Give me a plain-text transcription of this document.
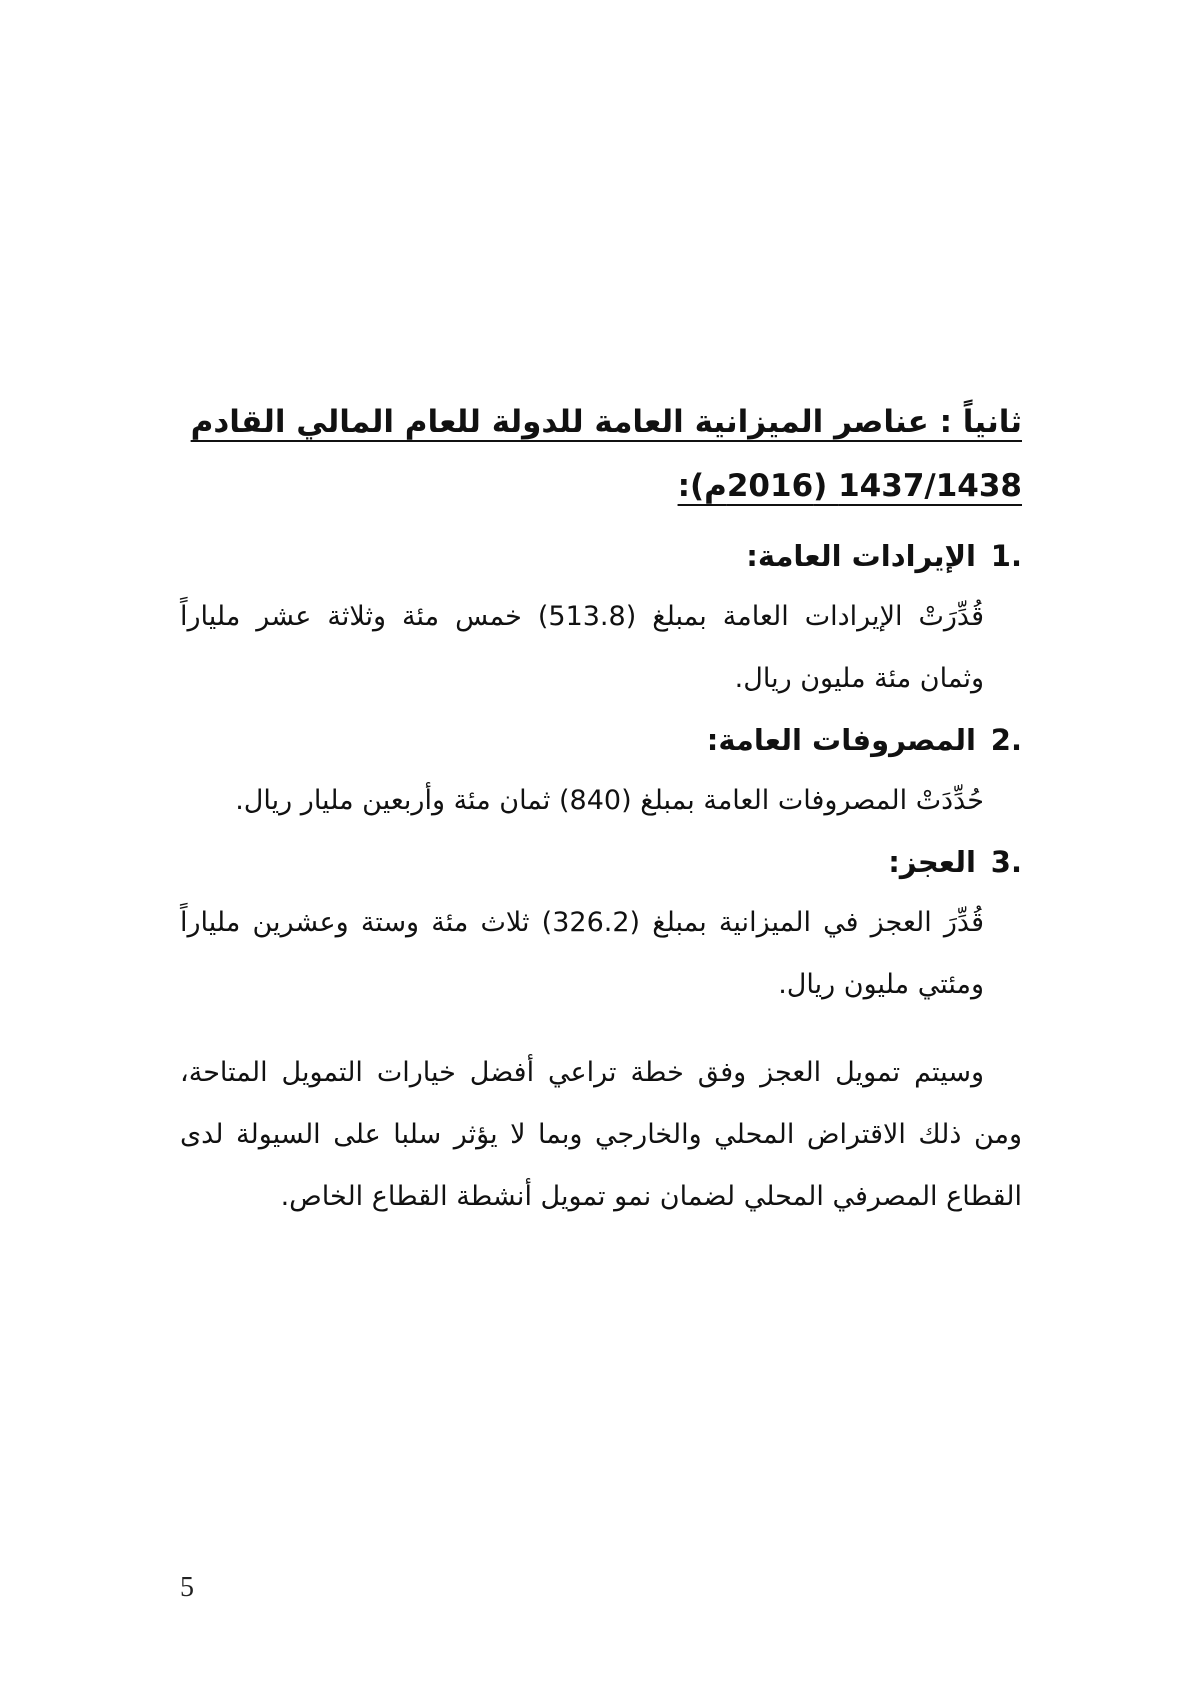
ثانياً : عناصر الميزانية العامة للدولة للعام المالي القادم 1437/1438 (2016م):

1.
الإيرادات العامة:

قُدِّرَتْ الإيرادات العامة بمبلغ (513.8) خمس مئة وثلاثة عشر ملياراً وثمان مئة مليون ريال.

2.
المصروفات العامة:

حُدِّدَتْ المصروفات العامة بمبلغ (840) ثمان مئة وأربعين مليار ريال.

3.
العجز:

قُدِّرَ العجز في الميزانية بمبلغ (326.2) ثلاث مئة وستة وعشرين ملياراً ومئتي مليون ريال.

وسيتم تمويل العجز وفق خطة تراعي أفضل خيارات التمويل المتاحة، ومن ذلك الاقتراض المحلي والخارجي وبما لا يؤثر سلبا على السيولة لدى القطاع المصرفي المحلي لضمان نمو تمويل أنشطة القطاع الخاص.

5
